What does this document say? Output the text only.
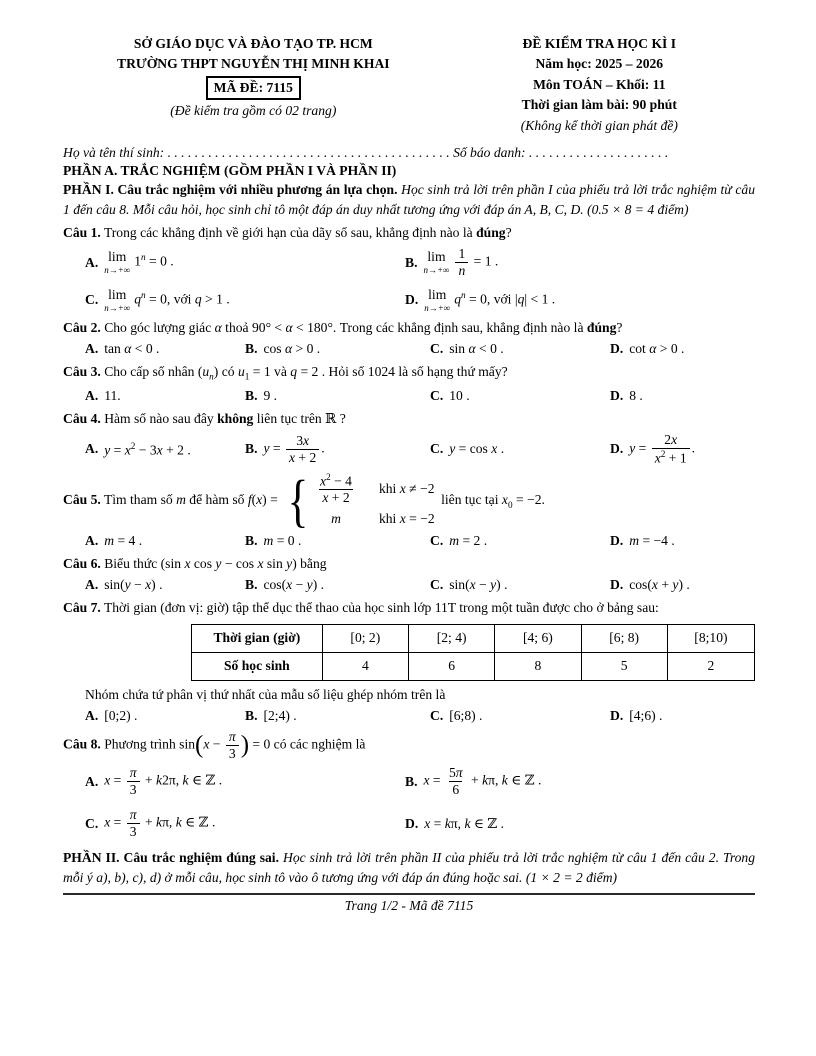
SỞ GIÁO DỤC VÀ ĐÀO TẠO TP. HCM
TRƯỜNG THPT NGUYỄN THỊ MINH KHAI
MÃ ĐỀ: 7115
(Đề kiểm tra gồm có 02 trang)
ĐỀ KIỂM TRA HỌC KÌ I
Năm học: 2025 – 2026
Môn TOÁN – Khối: 11
Thời gian làm bài: 90 phút
(Không kể thời gian phát đề)

Họ và tên thí sinh: . . . . . . . . . . . . . . . . . . . . . . . . . . . . . . . . . . . . . . . . . . Số báo danh: . . . . . . . . . . . . . . . . . . . . .

PHẦN A. TRẮC NGHIỆM (GỒM PHẦN I VÀ PHẦN II)

PHẦN I. Câu trắc nghiệm với nhiều phương án lựa chọn. Học sinh trả lời trên phần I của phiếu trả lời trắc nghiệm từ câu 1 đến câu 8. Mỗi câu hỏi, học sinh chỉ tô một đáp án duy nhất tương ứng với đáp án A, B, C, D. (0.5 × 8 = 4 điểm)

Câu 1. Trong các khẳng định về giới hạn của dãy số sau, khẳng định nào là đúng?

A. lim
n→+∞
$1^n = 0$ .	B. lim
$n\to+\infty \frac{1}{n} = 1$ .
C. lim
n→+∞
$q^n = 0$, với q > 1 .	D. lim
n→+∞
$q^n = 0$, với |q| < 1 .

Câu 2. Cho góc lượng giác α thoả 90° < α < 180°. Trong các khẳng định sau, khẳng định nào là đúng?

A. tan α < 0 .	B. cos α > 0 .	C. sin α < 0 .	D. cot α > 0 .

Câu 3. Cho cấp số nhân $(u_n)$ có $u_1 = 1$ và q = 2 . Hỏi số 1024 là số hạng thứ mấy?

A. 11.	B. 9 .	C. 10 .	D. 8 .

Câu 4. Hàm số nào sau đây không liên tục trên ℝ ?

A. $y = x^2 - 3x + 2$ .	B. $y = \frac{3x}{x + 2}$ .	C. y = cos x .	D. $y = \frac{2x}{x^2 + 1}$ .

Câu 5. Tìm tham số m để hàm số f(x) = { $\frac{x^2 - 4}{x + 2}$ khi x ≠ −2
m	khi x = −2
liên tục tại $x_0 = -2$.

A. m = 4 .	B. m = 0 .	C. m = 2 .	D. m = −4 .

Câu 6. Biểu thức (sin x cos y − cos x sin y) bằng

A. sin(y − x) .	B. cos(x − y) .	C. sin(x − y) .	D. cos(x + y) .

Câu 7. Thời gian (đơn vị: giờ) tập thể dục thể thao của học sinh lớp 11T trong một tuần được cho ở bảng sau:

Thời gian (giờ)	[0; 2)	[2; 4)	[4; 6)	[6; 8)	[8;10)
Số học sinh	4	6	8	5	2

Nhóm chứa tứ phân vị thứ nhất của mẫu số liệu ghép nhóm trên là

A. [0;2) .	B. [2;4) .	C. [6;8) .	D. [4;6) .

Câu 8. Phương trình $\sin(x - \frac{\pi}{3}$ ) = 0 có các nghiệm là

A. $x = \frac{\pi}{3} + k2\pi$, k ∈ ℤ .	B. $x = \frac{5\pi}{6} + k\pi$, k ∈ ℤ .
C. $x = \frac{\pi}{3} + k\pi$, k ∈ ℤ .	D. x = kπ, k ∈ ℤ .

PHẦN II. Câu trắc nghiệm đúng sai. Học sinh trả lời trên phần II của phiếu trả lời trắc nghiệm từ câu 1 đến câu 2. Trong mỗi ý a), b), c), d) ở mỗi câu, học sinh tô vào ô tương ứng với đáp án đúng hoặc sai. (1 × 2 = 2 điểm)

Trang 1/2 - Mã đề 7115
